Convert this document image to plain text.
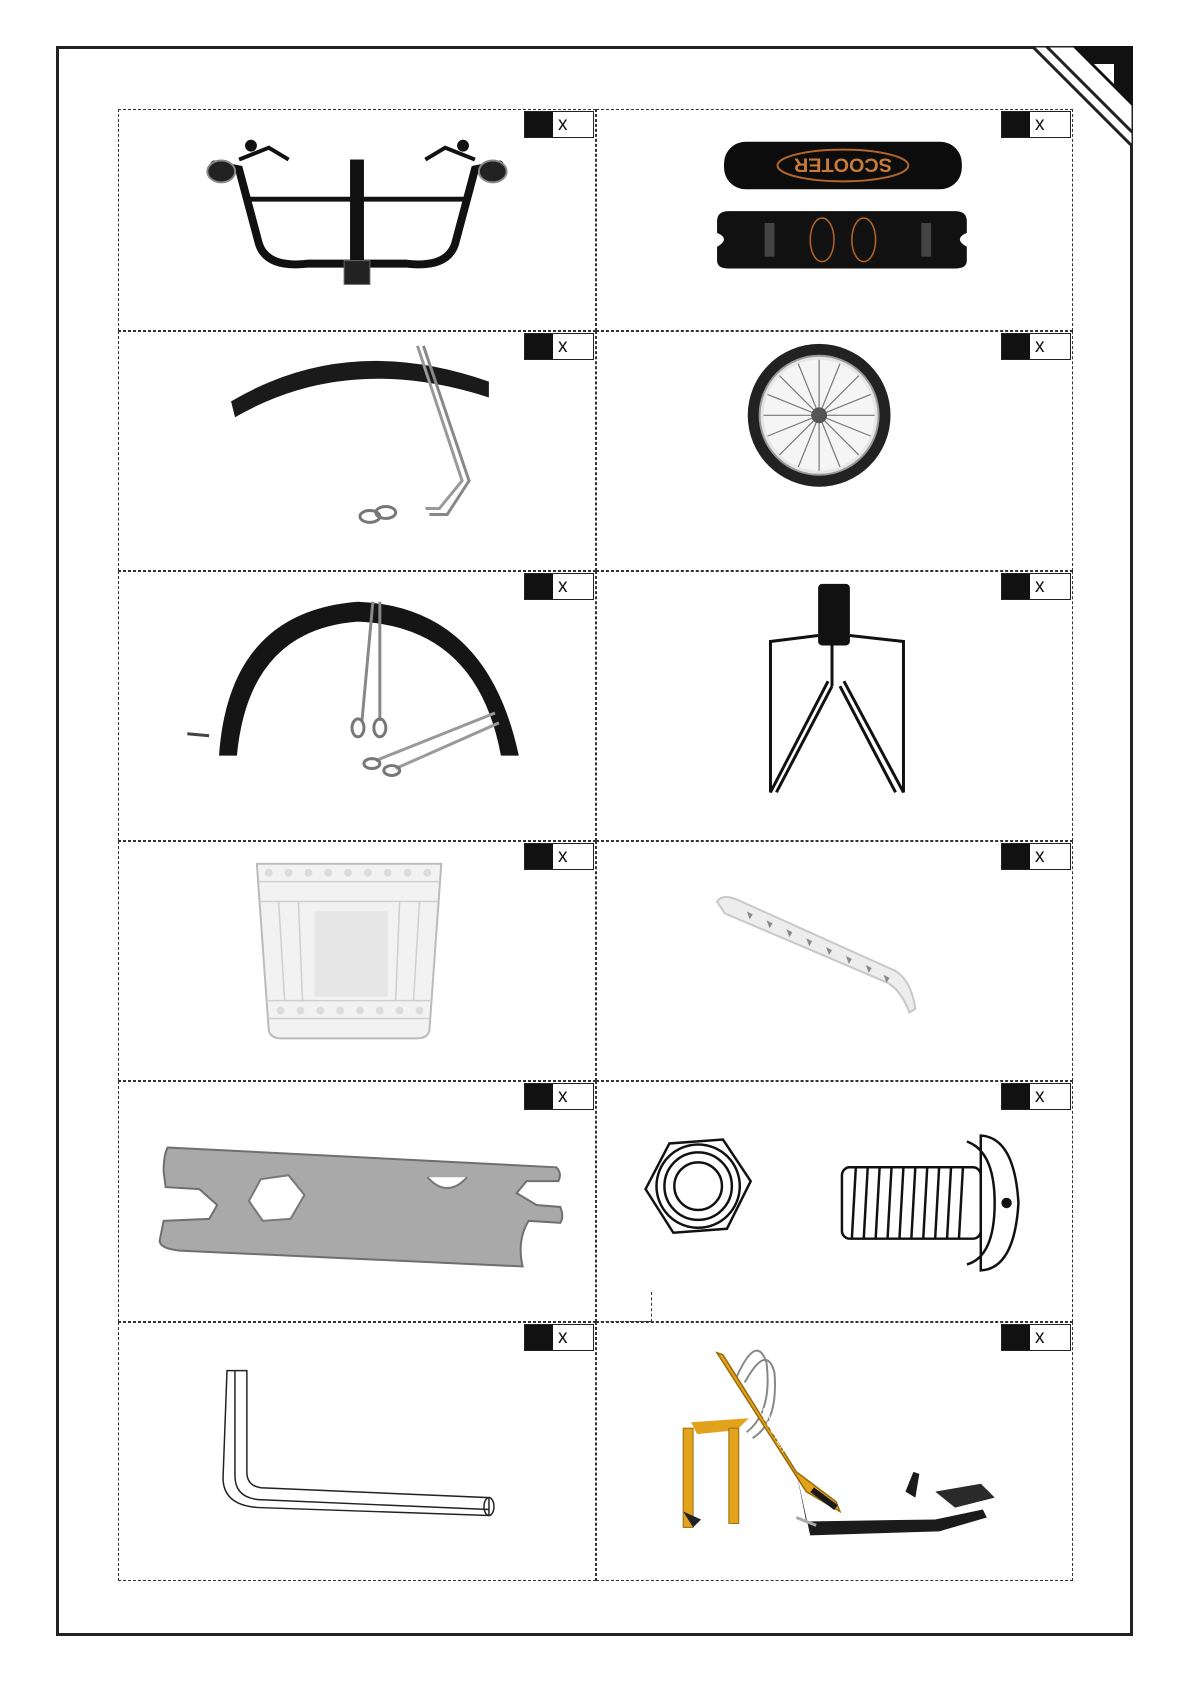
x	x
SCOOTER
x	x
x	x
x	x
x	x
x	x
SCOOTER
